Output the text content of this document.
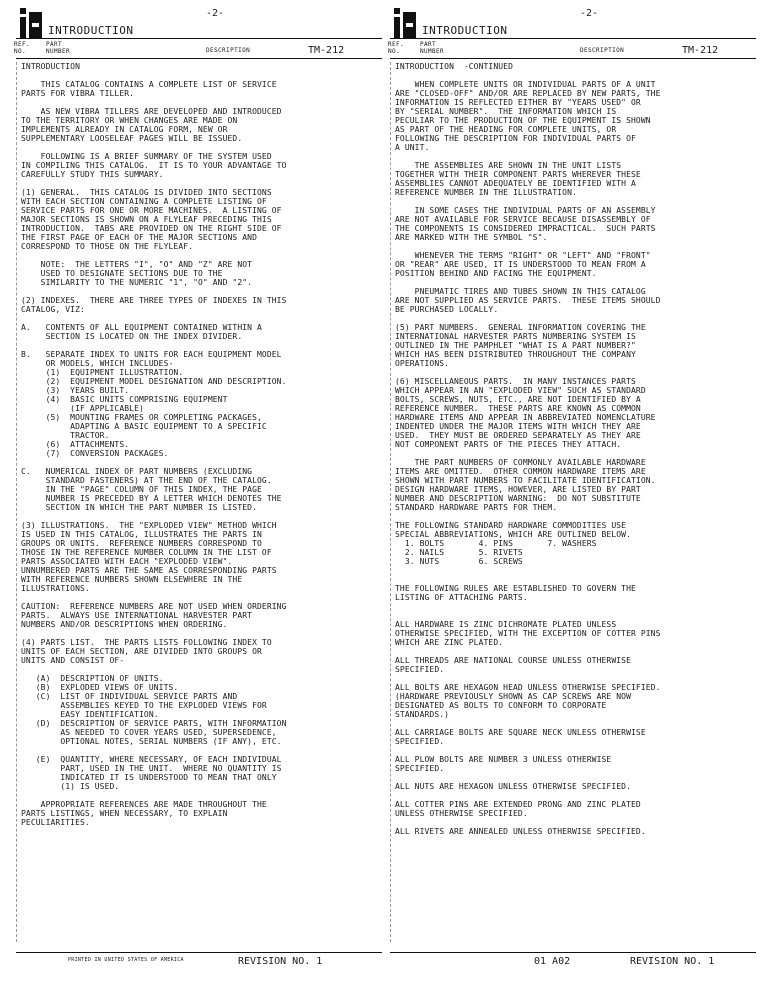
INTRODUCTION
-2-
REF.
NO.
PART
NUMBER	DESCRIPTION	TM-212
INTRODUCTION
THIS CATALOG CONTAINS A COMPLETE LIST OF SERVICE
PARTS FOR VIBRA TILLER.
AS NEW VIBRA TILLERS ARE DEVELOPED AND INTRODUCED
TO THE TERRITORY OR WHEN CHANGES ARE MADE ON
IMPLEMENTS ALREADY IN CATALOG FORM, NEW OR
SUPPLEMENTARY LOOSELEAF PAGES WILL BE ISSUED.
FOLLOWING IS A BRIEF SUMMARY OF THE SYSTEM USED
IN COMPILING THIS CATALOG.  IT IS TO YOUR ADVANTAGE TO
CAREFULLY STUDY THIS SUMMARY.
(1) GENERAL.  THIS CATALOG IS DIVIDED INTO SECTIONS
WITH EACH SECTION CONTAINING A COMPLETE LISTING OF
SERVICE PARTS FOR ONE OR MORE MACHINES.  A LISTING OF
MAJOR SECTIONS IS SHOWN ON A FLYLEAF PRECEDING THIS
INTRODUCTION.  TABS ARE PROVIDED ON THE RIGHT SIDE OF
THE FIRST PAGE OF EACH OF THE MAJOR SECTIONS AND
CORRESPOND TO THOSE ON THE FLYLEAF.
NOTE:  THE LETTERS "I", "O" AND "Z" ARE NOT
USED TO DESIGNATE SECTIONS DUE TO THE
SIMILARITY TO THE NUMERIC "1", "O" AND "2".
(2) INDEXES.  THERE ARE THREE TYPES OF INDEXES IN THIS
CATALOG, VIZ:
A.   CONTENTS OF ALL EQUIPMENT CONTAINED WITHIN A
SECTION IS LOCATED ON THE INDEX DIVIDER.
B.   SEPARATE INDEX TO UNITS FOR EACH EQUIPMENT MODEL
OR MODELS, WHICH INCLUDES-
(1)  EQUIPMENT ILLUSTRATION.
(2)  EQUIPMENT MODEL DESIGNATION AND DESCRIPTION.
(3)  YEARS BUILT.
(4)  BASIC UNITS COMPRISING EQUIPMENT
(IF APPLICABLE)
(5)  MOUNTING FRAMES OR COMPLETING PACKAGES,
ADAPTING A BASIC EQUIPMENT TO A SPECIFIC
TRACTOR.
(6)  ATTACHMENTS.
(7)  CONVERSION PACKAGES.
C.   NUMERICAL INDEX OF PART NUMBERS (EXCLUDING
STANDARD FASTENERS) AT THE END OF THE CATALOG.
IN THE "PAGE" COLUMN OF THIS INDEX, THE PAGE
NUMBER IS PRECEDED BY A LETTER WHICH DENOTES THE
SECTION IN WHICH THE PART NUMBER IS LISTED.
(3) ILLUSTRATIONS.  THE "EXPLODED VIEW" METHOD WHICH
IS USED IN THIS CATALOG, ILLUSTRATES THE PARTS IN
GROUPS OR UNITS.  REFERENCE NUMBERS CORRESPOND TO
THOSE IN THE REFERENCE NUMBER COLUMN IN THE LIST OF
PARTS ASSOCIATED WITH EACH "EXPLODED VIEW".
UNNUMBERED PARTS ARE THE SAME AS CORRESPONDING PARTS
WITH REFERENCE NUMBERS SHOWN ELSEWHERE IN THE
ILLUSTRATIONS.
CAUTION:  REFERENCE NUMBERS ARE NOT USED WHEN ORDERING
PARTS.  ALWAYS USE INTERNATIONAL HARVESTER PART
NUMBERS AND/OR DESCRIPTIONS WHEN ORDERING.
(4) PARTS LIST.  THE PARTS LISTS FOLLOWING INDEX TO
UNITS OF EACH SECTION, ARE DIVIDED INTO GROUPS OR
UNITS AND CONSIST OF-
(A)  DESCRIPTION OF UNITS.
(B)  EXPLODED VIEWS OF UNITS.
(C)  LIST OF INDIVIDUAL SERVICE PARTS AND
ASSEMBLIES KEYED TO THE EXPLODED VIEWS FOR
EASY IDENTIFICATION.
(D)  DESCRIPTION OF SERVICE PARTS, WITH INFORMATION
AS NEEDED TO COVER YEARS USED, SUPERSEDENCE,
OPTIONAL NOTES, SERIAL NUMBERS (IF ANY), ETC.
(E)  QUANTITY, WHERE NECESSARY, OF EACH INDIVIDUAL
PART, USED IN THE UNIT.  WHERE NO QUANTITY IS
INDICATED IT IS UNDERSTOOD TO MEAN THAT ONLY
(1) IS USED.
APPROPRIATE REFERENCES ARE MADE THROUGHOUT THE
PARTS LISTINGS, WHEN NECESSARY, TO EXPLAIN
PECULIARITIES.
PRINTED IN UNITED STATES OF AMERICA	REVISION NO. 1
INTRODUCTION
-2-
REF.
NO.
PART
NUMBER	DESCRIPTION	TM-212
INTRODUCTION  -CONTINUED
WHEN COMPLETE UNITS OR INDIVIDUAL PARTS OF A UNIT
ARE "CLOSED-OFF" AND/OR ARE REPLACED BY NEW PARTS, THE
INFORMATION IS REFLECTED EITHER BY "YEARS USED" OR
BY "SERIAL NUMBER".  THE INFORMATION WHICH IS
PECULIAR TO THE PRODUCTION OF THE EQUIPMENT IS SHOWN
AS PART OF THE HEADING FOR COMPLETE UNITS, OR
FOLLOWING THE DESCRIPTION FOR INDIVIDUAL PARTS OF
A UNIT.
THE ASSEMBLIES ARE SHOWN IN THE UNIT LISTS
TOGETHER WITH THEIR COMPONENT PARTS WHEREVER THESE
ASSEMBLIES CANNOT ADEQUATELY BE IDENTIFIED WITH A
REFERENCE NUMBER IN THE ILLUSTRATION.
IN SOME CASES THE INDIVIDUAL PARTS OF AN ASSEMBLY
ARE NOT AVAILABLE FOR SERVICE BECAUSE DISASSEMBLY OF
THE COMPONENTS IS CONSIDERED IMPRACTICAL.  SUCH PARTS
ARE MARKED WITH THE SYMBOL "S".
WHENEVER THE TERMS "RIGHT" OR "LEFT" AND "FRONT"
OR "REAR" ARE USED, IT IS UNDERSTOOD TO MEAN FROM A
POSITION BEHIND AND FACING THE EQUIPMENT.
PNEUMATIC TIRES AND TUBES SHOWN IN THIS CATALOG
ARE NOT SUPPLIED AS SERVICE PARTS.  THESE ITEMS SHOULD
BE PURCHASED LOCALLY.
(5) PART NUMBERS.  GENERAL INFORMATION COVERING THE
INTERNATIONAL HARVESTER PARTS NUMBERING SYSTEM IS
OUTLINED IN THE PAMPHLET "WHAT IS A PART NUMBER?"
WHICH HAS BEEN DISTRIBUTED THROUGHOUT THE COMPANY
OPERATIONS.
(6) MISCELLANEOUS PARTS.  IN MANY INSTANCES PARTS
WHICH APPEAR IN AN "EXPLODED VIEW" SUCH AS STANDARD
BOLTS, SCREWS, NUTS, ETC., ARE NOT IDENTIFIED BY A
REFERENCE NUMBER.  THESE PARTS ARE KNOWN AS COMMON
HARDWARE ITEMS AND APPEAR IN ABBREVIATED NOMENCLATURE
INDENTED UNDER THE MAJOR ITEMS WITH WHICH THEY ARE
USED.  THEY MUST BE ORDERED SEPARATELY AS THEY ARE
NOT COMPONENT PARTS OF THE PIECES THEY ATTACH.
THE PART NUMBERS OF COMMONLY AVAILABLE HARDWARE
ITEMS ARE OMITTED.  OTHER COMMON HARDWARE ITEMS ARE
SHOWN WITH PART NUMBERS TO FACILITATE IDENTIFICATION.
DESIGN HARDWARE ITEMS, HOWEVER, ARE LISTED BY PART
NUMBER AND DESCRIPTION WARNING:  DO NOT SUBSTITUTE
STANDARD HARDWARE PARTS FOR THEM.
THE FOLLOWING STANDARD HARDWARE COMMODITIES USE
SPECIAL ABBREVIATIONS, WHICH ARE OUTLINED BELOW.
1. BOLTS       4. PINS       7. WASHERS
2. NAILS       5. RIVETS
3. NUTS        6. SCREWS
THE FOLLOWING RULES ARE ESTABLISHED TO GOVERN THE
LISTING OF ATTACHING PARTS.
ALL HARDWARE IS ZINC DICHROMATE PLATED UNLESS
OTHERWISE SPECIFIED, WITH THE EXCEPTION OF COTTER PINS
WHICH ARE ZINC PLATED.
ALL THREADS ARE NATIONAL COURSE UNLESS OTHERWISE
SPECIFIED.
ALL BOLTS ARE HEXAGON HEAD UNLESS OTHERWISE SPECIFIED.
(HARDWARE PREVIOUSLY SHOWN AS CAP SCREWS ARE NOW
DESIGNATED AS BOLTS TO CONFORM TO CORPORATE
STANDARDS.)
ALL CARRIAGE BOLTS ARE SQUARE NECK UNLESS OTHERWISE
SPECIFIED.
ALL PLOW BOLTS ARE NUMBER 3 UNLESS OTHERWISE
SPECIFIED.
ALL NUTS ARE HEXAGON UNLESS OTHERWISE SPECIFIED.
ALL COTTER PINS ARE EXTENDED PRONG AND ZINC PLATED
UNLESS OTHERWISE SPECIFIED.
ALL RIVETS ARE ANNEALED UNLESS OTHERWISE SPECIFIED.
01 A02	REVISION NO. 1
